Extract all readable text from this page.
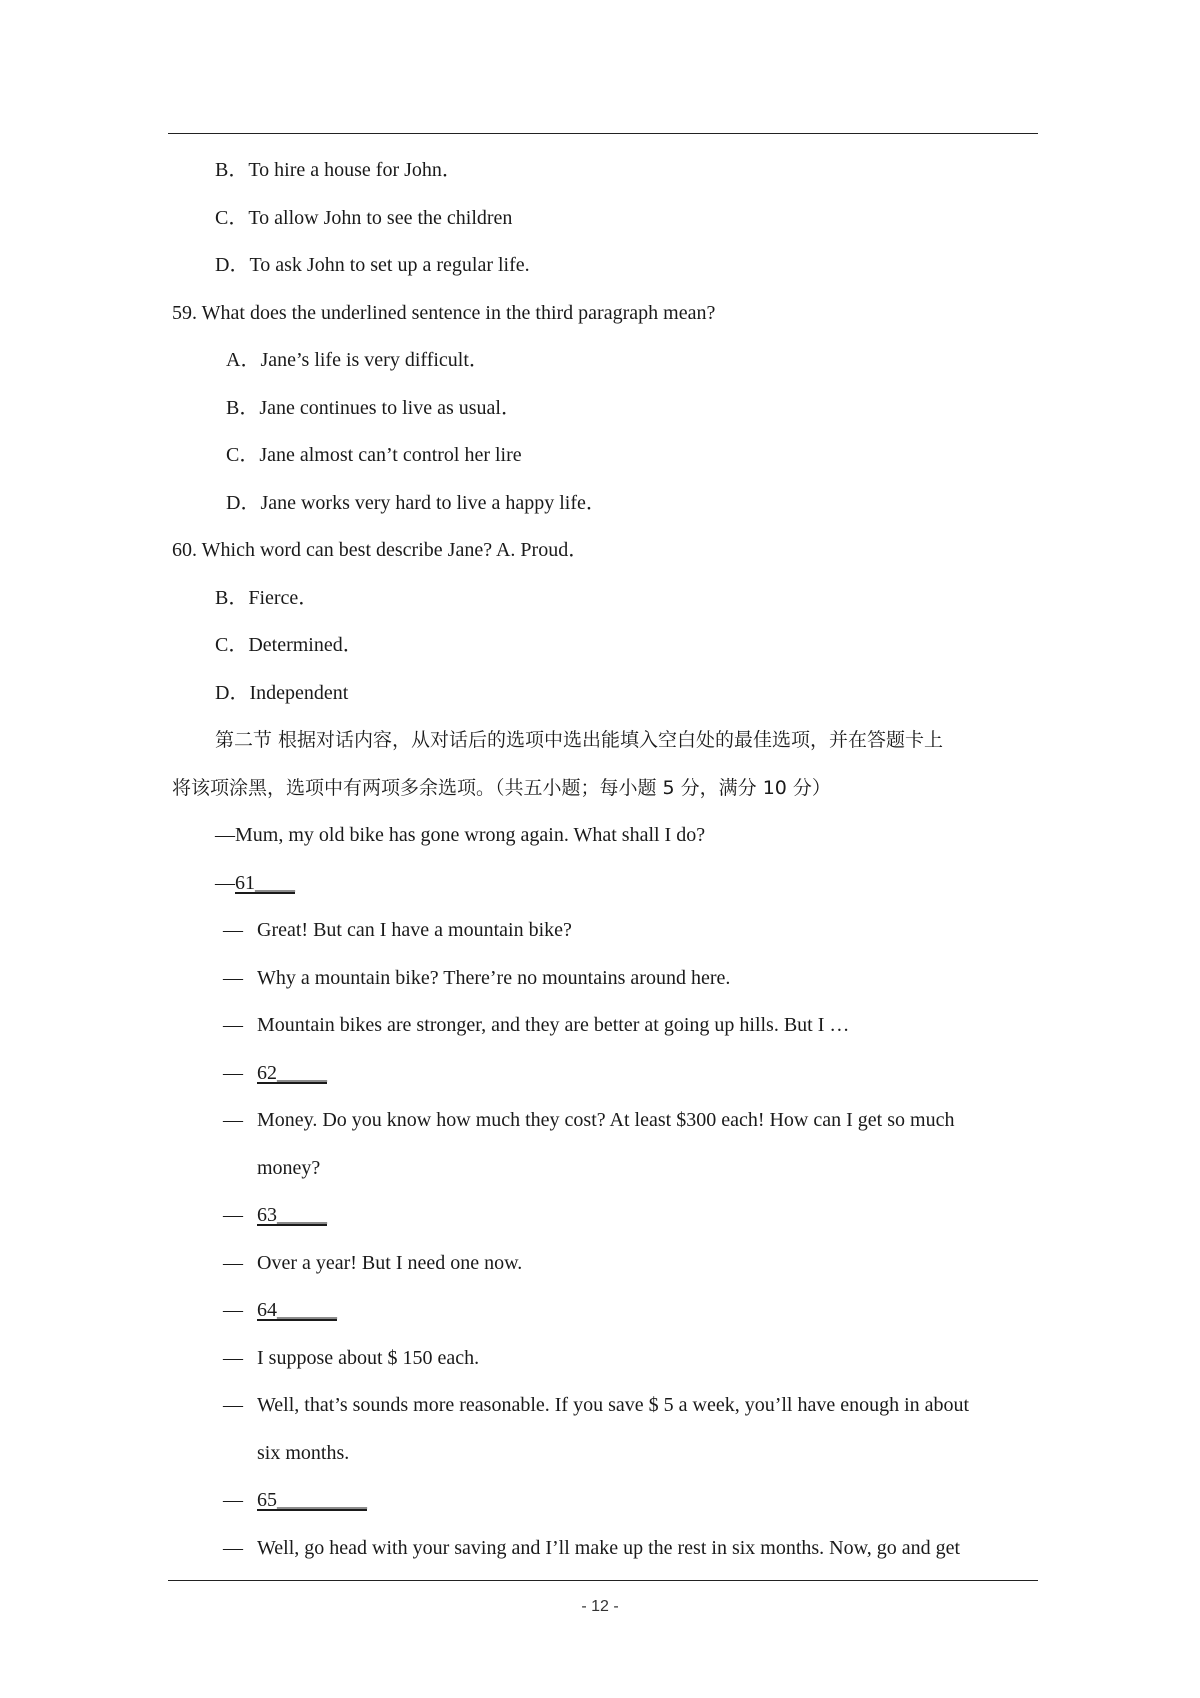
B．To hire a house for John．
C．To allow John to see the children
D．To ask John to set up a regular life.
59. What does the underlined sentence in the third paragraph mean?
A．Jane’s life is very difficult．
B．Jane continues to live as usual．
C．Jane almost can’t control her lire
D．Jane works very hard to live a happy life．
60. Which word can best describe Jane? A. Proud．
B．Fierce．
C．Determined．
D．Independent
第二节 根据对话内容，从对话后的选项中选出能填入空白处的最佳选项，并在答题卡上
将该项涂黑，选项中有两项多余选项。（共五小题；每小题 5 分，满分 10 分）
—Mum, my old bike has gone wrong again. What shall I do?
—61____
— Great! But can I have a mountain bike?
— Why a mountain bike? There’re no mountains around here.
— Mountain bikes are stronger, and they are better at going up hills. But I …
— 62_____
— Money. Do you know how much they cost? At least $300 each! How can I get so much
money?
— 63_____
— Over a year! But I need one now.
— 64______
— I suppose about $ 150 each.
— Well, that’s sounds more reasonable. If you save $ 5 a week, you’ll have enough in about
six months.
— 65_________
— Well, go head with your saving and I’ll make up the rest in six months. Now, go and get
- 12 -
